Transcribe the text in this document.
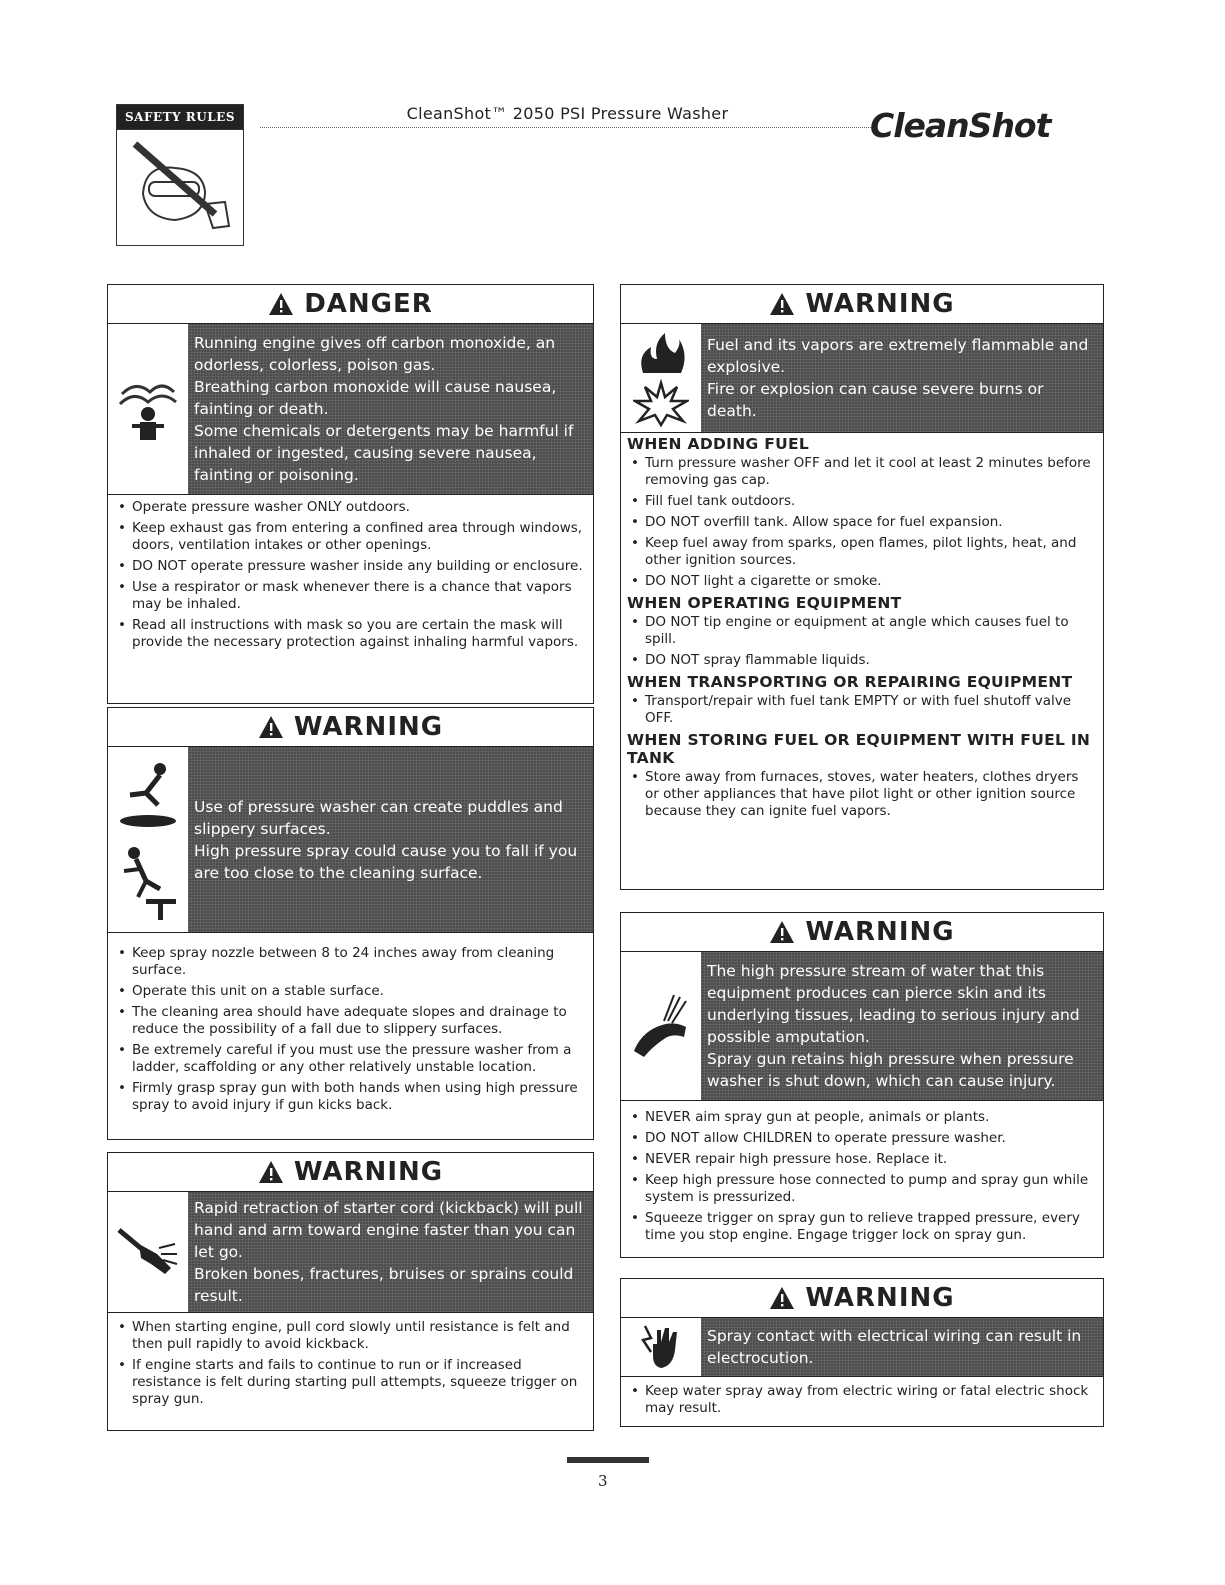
SAFETY RULES	CleanShot™ 2050 PSI Pressure Washer	CleanShot
DANGER

Running engine gives off carbon monoxide, an odorless, colorless, poison gas.

Breathing carbon monoxide will cause nausea, fainting or death.

Some chemicals or detergents may be harmful if inhaled or ingested, causing severe nausea, fainting or poisoning.

• Operate pressure washer ONLY outdoors.
• Keep exhaust gas from entering a confined area through windows, doors, ventilation intakes or other openings.
• DO NOT operate pressure washer inside any building or enclosure.
• Use a respirator or mask whenever there is a chance that vapors may be inhaled.
• Read all instructions with mask so you are certain the mask will provide the necessary protection against inhaling harmful vapors.
WARNING

Use of pressure washer can create puddles and slippery surfaces.

High pressure spray could cause you to fall if you are too close to the cleaning surface.

• Keep spray nozzle between 8 to 24 inches away from cleaning surface.
• Operate this unit on a stable surface.
• The cleaning area should have adequate slopes and drainage to reduce the possibility of a fall due to slippery surfaces.
• Be extremely careful if you must use the pressure washer from a ladder, scaffolding or any other relatively unstable location.
• Firmly grasp spray gun with both hands when using high pressure spray to avoid injury if gun kicks back.
WARNING

Rapid retraction of starter cord (kickback) will pull hand and arm toward engine faster than you can let go.

Broken bones, fractures, bruises or sprains could result.

• When starting engine, pull cord slowly until resistance is felt and then pull rapidly to avoid kickback.
• If engine starts and fails to continue to run or if increased resistance is felt during starting pull attempts, squeeze trigger on spray gun.
WARNING

Fuel and its vapors are extremely flammable and explosive.

Fire or explosion can cause severe burns or death.

WHEN ADDING FUEL
• Turn pressure washer OFF and let it cool at least 2 minutes before removing gas cap.
• Fill fuel tank outdoors.
• DO NOT overfill tank. Allow space for fuel expansion.
• Keep fuel away from sparks, open flames, pilot lights, heat, and other ignition sources.
• DO NOT light a cigarette or smoke.
WHEN OPERATING EQUIPMENT
• DO NOT tip engine or equipment at angle which causes fuel to spill.
• DO NOT spray flammable liquids.
WHEN TRANSPORTING OR REPAIRING EQUIPMENT
• Transport/repair with fuel tank EMPTY or with fuel shutoff valve OFF.
WHEN STORING FUEL OR EQUIPMENT WITH FUEL IN TANK
• Store away from furnaces, stoves, water heaters, clothes dryers or other appliances that have pilot light or other ignition source because they can ignite fuel vapors.
WARNING

The high pressure stream of water that this equipment produces can pierce skin and its underlying tissues, leading to serious injury and possible amputation.

Spray gun retains high pressure when pressure washer is shut down, which can cause injury.

• NEVER aim spray gun at people, animals or plants.
• DO NOT allow CHILDREN to operate pressure washer.
• NEVER repair high pressure hose. Replace it.
• Keep high pressure hose connected to pump and spray gun while system is pressurized.
• Squeeze trigger on spray gun to relieve trapped pressure, every time you stop engine. Engage trigger lock on spray gun.
WARNING

Spray contact with electrical wiring can result in electrocution.

• Keep water spray away from electric wiring or fatal electric shock may result.
3
